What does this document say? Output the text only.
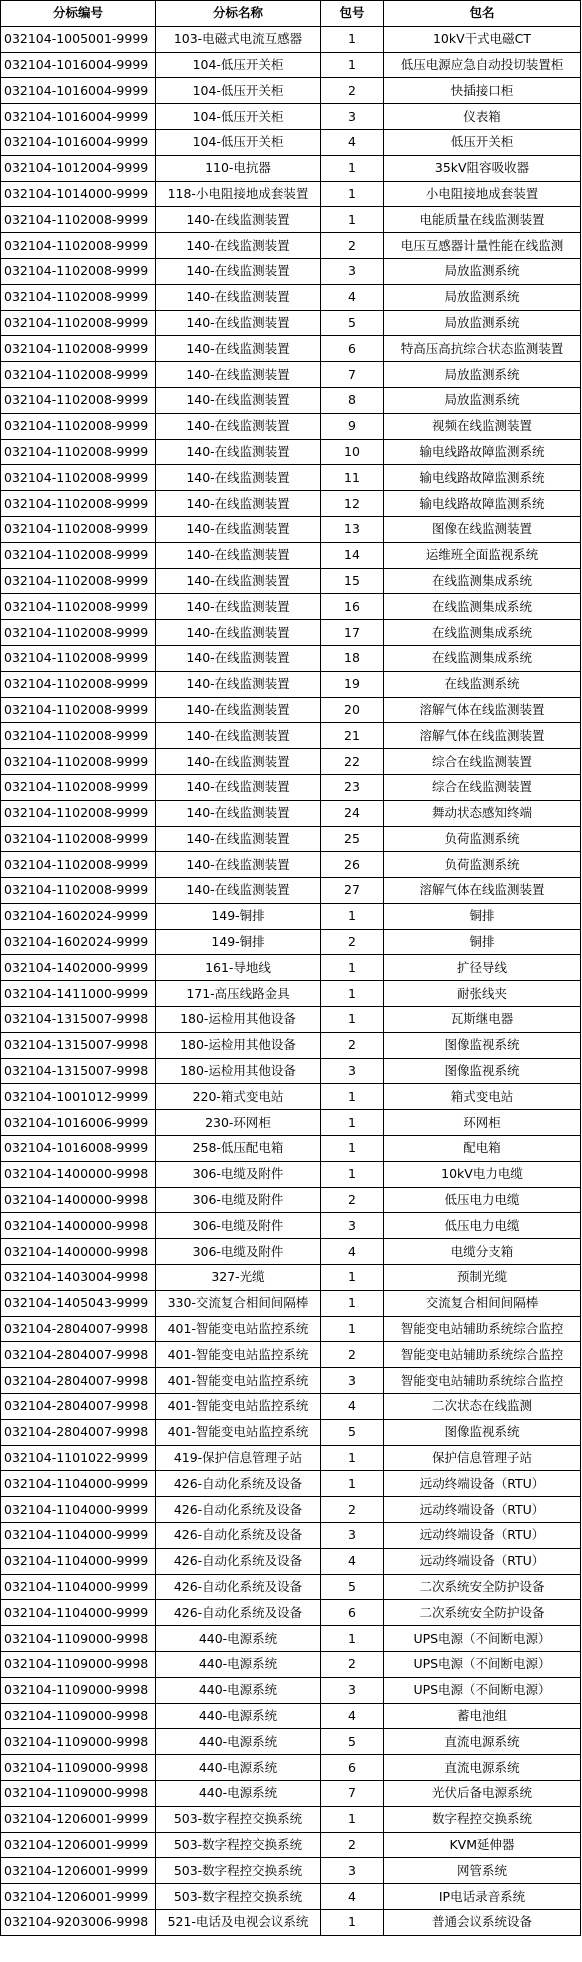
分标编号	分标名称	包号	包名
032104-1005001-9999	103-电磁式电流互感器	1	10kV干式电磁CT
032104-1016004-9999	104-低压开关柜	1	低压电源应急自动投切装置柜
032104-1016004-9999	104-低压开关柜	2	快插接口柜
032104-1016004-9999	104-低压开关柜	3	仪表箱
032104-1016004-9999	104-低压开关柜	4	低压开关柜
032104-1012004-9999	110-电抗器	1	35kV阻容吸收器
032104-1014000-9999	118-小电阻接地成套装置	1	小电阻接地成套装置
032104-1102008-9999	140-在线监测装置	1	电能质量在线监测装置
032104-1102008-9999	140-在线监测装置	2	电压互感器计量性能在线监测
032104-1102008-9999	140-在线监测装置	3	局放监测系统
032104-1102008-9999	140-在线监测装置	4	局放监测系统
032104-1102008-9999	140-在线监测装置	5	局放监测系统
032104-1102008-9999	140-在线监测装置	6	特高压高抗综合状态监测装置
032104-1102008-9999	140-在线监测装置	7	局放监测系统
032104-1102008-9999	140-在线监测装置	8	局放监测系统
032104-1102008-9999	140-在线监测装置	9	视频在线监测装置
032104-1102008-9999	140-在线监测装置	10	输电线路故障监测系统
032104-1102008-9999	140-在线监测装置	11	输电线路故障监测系统
032104-1102008-9999	140-在线监测装置	12	输电线路故障监测系统
032104-1102008-9999	140-在线监测装置	13	图像在线监测装置
032104-1102008-9999	140-在线监测装置	14	运维班全面监视系统
032104-1102008-9999	140-在线监测装置	15	在线监测集成系统
032104-1102008-9999	140-在线监测装置	16	在线监测集成系统
032104-1102008-9999	140-在线监测装置	17	在线监测集成系统
032104-1102008-9999	140-在线监测装置	18	在线监测集成系统
032104-1102008-9999	140-在线监测装置	19	在线监测系统
032104-1102008-9999	140-在线监测装置	20	溶解气体在线监测装置
032104-1102008-9999	140-在线监测装置	21	溶解气体在线监测装置
032104-1102008-9999	140-在线监测装置	22	综合在线监测装置
032104-1102008-9999	140-在线监测装置	23	综合在线监测装置
032104-1102008-9999	140-在线监测装置	24	舞动状态感知终端
032104-1102008-9999	140-在线监测装置	25	负荷监测系统
032104-1102008-9999	140-在线监测装置	26	负荷监测系统
032104-1102008-9999	140-在线监测装置	27	溶解气体在线监测装置
032104-1602024-9999	149-铜排	1	铜排
032104-1602024-9999	149-铜排	2	铜排
032104-1402000-9999	161-导地线	1	扩径导线
032104-1411000-9999	171-高压线路金具	1	耐张线夹
032104-1315007-9998	180-运检用其他设备	1	瓦斯继电器
032104-1315007-9998	180-运检用其他设备	2	图像监视系统
032104-1315007-9998	180-运检用其他设备	3	图像监视系统
032104-1001012-9999	220-箱式变电站	1	箱式变电站
032104-1016006-9999	230-环网柜	1	环网柜
032104-1016008-9999	258-低压配电箱	1	配电箱
032104-1400000-9998	306-电缆及附件	1	10kV电力电缆
032104-1400000-9998	306-电缆及附件	2	低压电力电缆
032104-1400000-9998	306-电缆及附件	3	低压电力电缆
032104-1400000-9998	306-电缆及附件	4	电缆分支箱
032104-1403004-9998	327-光缆	1	预制光缆
032104-1405043-9999	330-交流复合相间间隔棒	1	交流复合相间间隔棒
032104-2804007-9998	401-智能变电站监控系统	1	智能变电站辅助系统综合监控
032104-2804007-9998	401-智能变电站监控系统	2	智能变电站辅助系统综合监控
032104-2804007-9998	401-智能变电站监控系统	3	智能变电站辅助系统综合监控
032104-2804007-9998	401-智能变电站监控系统	4	二次状态在线监测
032104-2804007-9998	401-智能变电站监控系统	5	图像监视系统
032104-1101022-9999	419-保护信息管理子站	1	保护信息管理子站
032104-1104000-9999	426-自动化系统及设备	1	远动终端设备（RTU）
032104-1104000-9999	426-自动化系统及设备	2	远动终端设备（RTU）
032104-1104000-9999	426-自动化系统及设备	3	远动终端设备（RTU）
032104-1104000-9999	426-自动化系统及设备	4	远动终端设备（RTU）
032104-1104000-9999	426-自动化系统及设备	5	二次系统安全防护设备
032104-1104000-9999	426-自动化系统及设备	6	二次系统安全防护设备
032104-1109000-9998	440-电源系统	1	UPS电源（不间断电源）
032104-1109000-9998	440-电源系统	2	UPS电源（不间断电源）
032104-1109000-9998	440-电源系统	3	UPS电源（不间断电源）
032104-1109000-9998	440-电源系统	4	蓄电池组
032104-1109000-9998	440-电源系统	5	直流电源系统
032104-1109000-9998	440-电源系统	6	直流电源系统
032104-1109000-9998	440-电源系统	7	光伏后备电源系统
032104-1206001-9999	503-数字程控交换系统	1	数字程控交换系统
032104-1206001-9999	503-数字程控交换系统	2	KVM延伸器
032104-1206001-9999	503-数字程控交换系统	3	网管系统
032104-1206001-9999	503-数字程控交换系统	4	IP电话录音系统
032104-9203006-9998	521-电话及电视会议系统	1	普通会议系统设备
